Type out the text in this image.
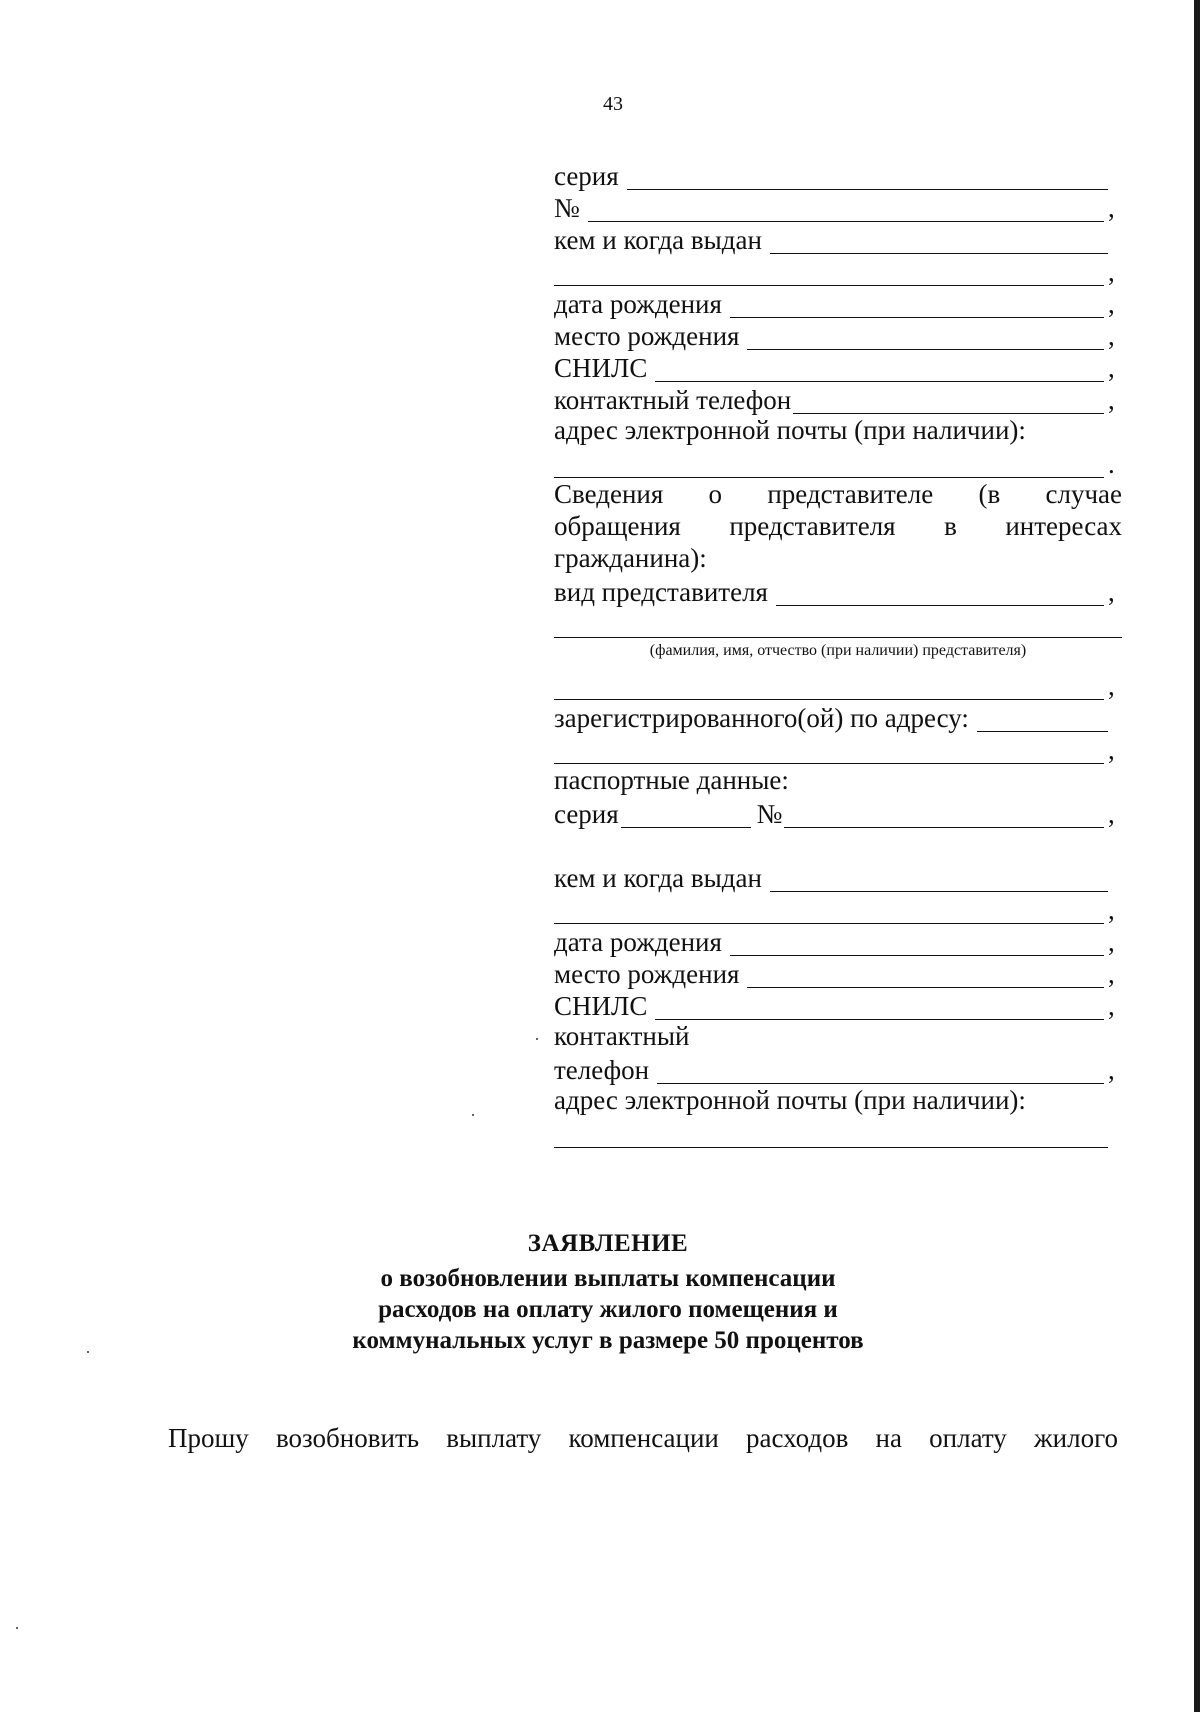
43
серия
№	,
кем и когда выдан
,
дата рождения	,
место рождения	,
СНИЛС	,
контактный телефон	,
адрес электронной почты (при наличии):
.
Сведения о представителе (в случае
обращения представителя в интересах
гражданина):
вид представителя	,
(фамилия, имя, отчество (при наличии) представителя)
,
зарегистрированного(ой) по адресу:
,
паспортные данные:
серия	№	,
кем и когда выдан
,
дата рождения	,
место рождения	,
СНИЛС	,
контактный
телефон	,
адрес электронной почты (при наличии):
ЗАЯВЛЕНИЕ
о возобновлении выплаты компенсации
расходов на оплату жилого помещения и
коммунальных услуг в размере 50 процентов
Прошу возобновить выплату компенсации расходов на оплату жилого
